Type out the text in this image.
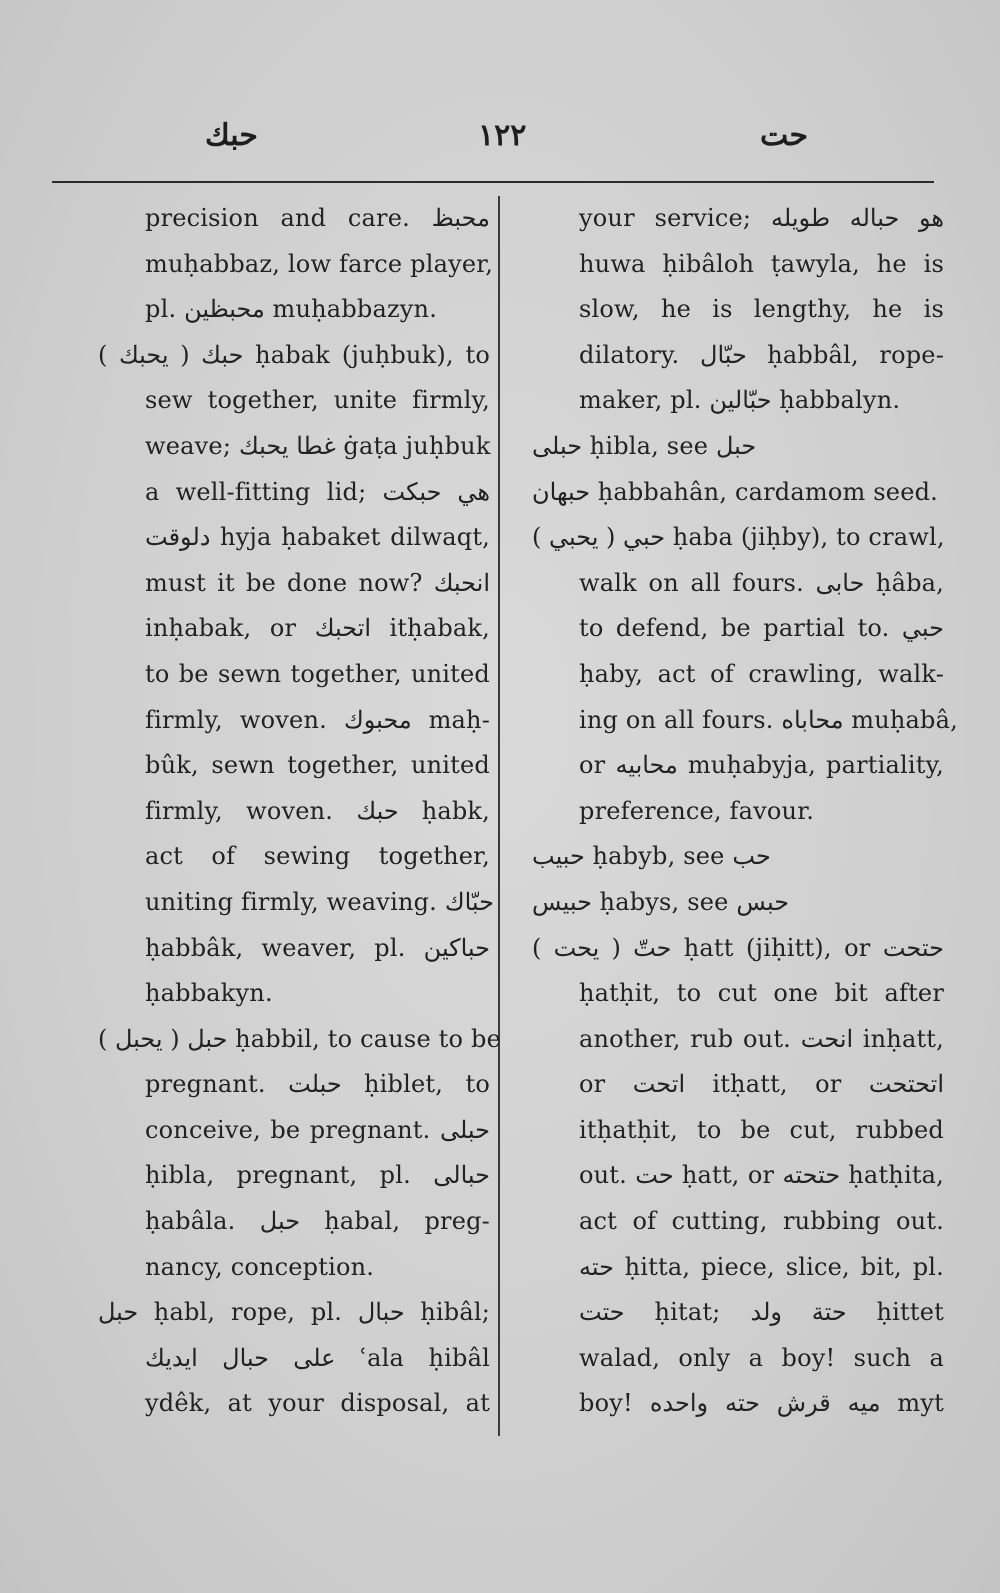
حبك	١٢٢	حت
precision and care. محبظ
muḥabbaz, low farce player,
pl. محبظين muḥabbazyn.
حبك ( يحبك ) ḥabak (juḥbuk), to
sew together, unite firmly,
weave; غطا يحبك ġaṭa juḥbuk
a well-fitting lid; هي حبكت
دلوقت hyja ḥabaket dilwaqt,
must it be done now? انحبك
inḥabak, or اتحبك itḥabak,
to be sewn together, united
firmly, woven. محبوك maḥ-
bûk, sewn together, united
firmly, woven. حبك ḥabk,
act of sewing together,
uniting firmly, weaving. حبّاك
ḥabbâk, weaver, pl. حباكين
ḥabbakyn.
حبل ( يحبل ) ḥabbil, to cause to be
pregnant. حبلت ḥiblet, to
conceive, be pregnant. حبلى
ḥibla, pregnant, pl. حبالى
ḥabâla. حبل ḥabal, preg-
nancy, conception.
حبل ḥabl, rope, pl. حبال ḥibâl;
على حبال ايديك ʿala ḥibâl
ydêk, at your disposal, at
your service; هو حباله طويله
huwa ḥibâloh ṭawyla, he is
slow, he is lengthy, he is
dilatory. حبّال ḥabbâl, rope-
maker, pl. حبّالين ḥabbalyn.
حبلى ḥibla, see حبل
حبهان ḥabbahân, cardamom seed.
حبي ( يحبي ) ḥaba (jiḥby), to crawl,
walk on all fours. حابى ḥâba,
to defend, be partial to. حبي
ḥaby, act of crawling, walk-
ing on all fours. محاباه muḥabâ,
or محابيه muḥabyja, partiality,
preference, favour.
حبيب ḥabyb, see حب
حبيس ḥabys, see حبس
حتّ ( يحت ) ḥatt (jiḥitt), or حتحت
ḥatḥit, to cut one bit after
another, rub out. انحت inḥatt,
or اتحت itḥatt, or اتحتحت
itḥatḥit, to be cut, rubbed
out. حت ḥatt, or حتحته ḥatḥita,
act of cutting, rubbing out.
حته ḥitta, piece, slice, bit, pl.
حتت ḥitat; حتة ولد ḥittet
walad, only a boy! such a
boy! ميه قرش حته واحده myt
